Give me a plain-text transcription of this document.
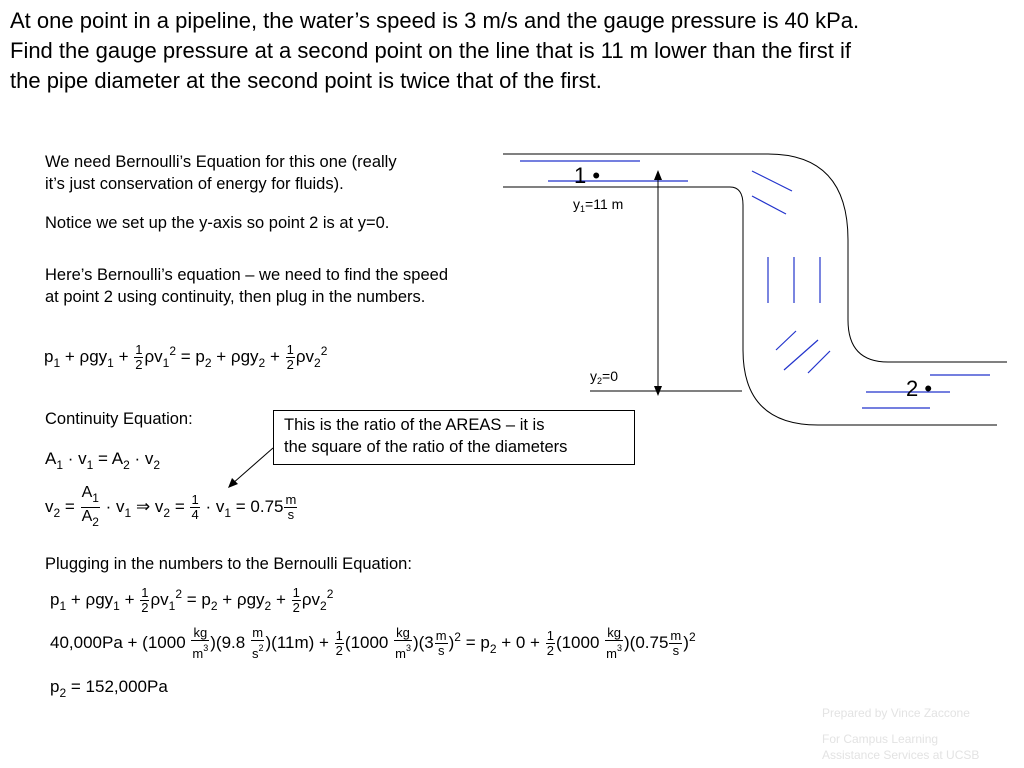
At one point in a pipeline, the water’s speed is 3 m/s and the gauge pressure is 40 kPa.
Find the gauge pressure at a second point on the line that is 11 m lower than the first if
the pipe diameter at the second point is twice that of the first.
We need Bernoulli’s Equation for this one (really
it’s just conservation of energy for fluids).
Notice we set up the y-axis so point 2 is at y=0.
Here’s Bernoulli’s equation – we need to find the speed
at point 2 using continuity, then plug in the numbers.
$p_1 + \rho gy_1 + \frac{1}{2} \rho v_1^2 = p_2 + \rho gy_2 + \frac{1}{2} \rho v_2^2$
Continuity Equation:
$A_1 \cdot v_1 = A_2 \cdot v_2$
$v_2 = \frac{A_1}{A_2} \cdot v_1$ ⇒ $v_2 = \frac{1}{4} \cdot v_1 = 0.75 \frac{m}{s}$
This is the ratio of the AREAS – it is
the square of the ratio of the diameters
Plugging in the numbers to the Bernoulli Equation:
$p_1 + \rho gy_1 + \frac{1}{2} \rho v_1^2 = p_2 + \rho gy_2 + \frac{1}{2} \rho v_2^2$
$40,000Pa + (1000 \frac{kg}{m^3} )(9.8 \frac{m}{s^2} )(11m) + \frac{1}{2} (1000 \frac{kg}{m^3} )(3 \frac{m}{s} )^2 = p_2 + 0 + \frac{1}{2} (1000 \frac{kg}{m^3} )(0.75 \frac{m}{s} )^2$
$p_2 = 152,000Pa$
1 •
$y_1=11$ m
$y_2=0$	2 •
Prepared by Vince Zaccone
For Campus Learning
Assistance Services at UCSB
